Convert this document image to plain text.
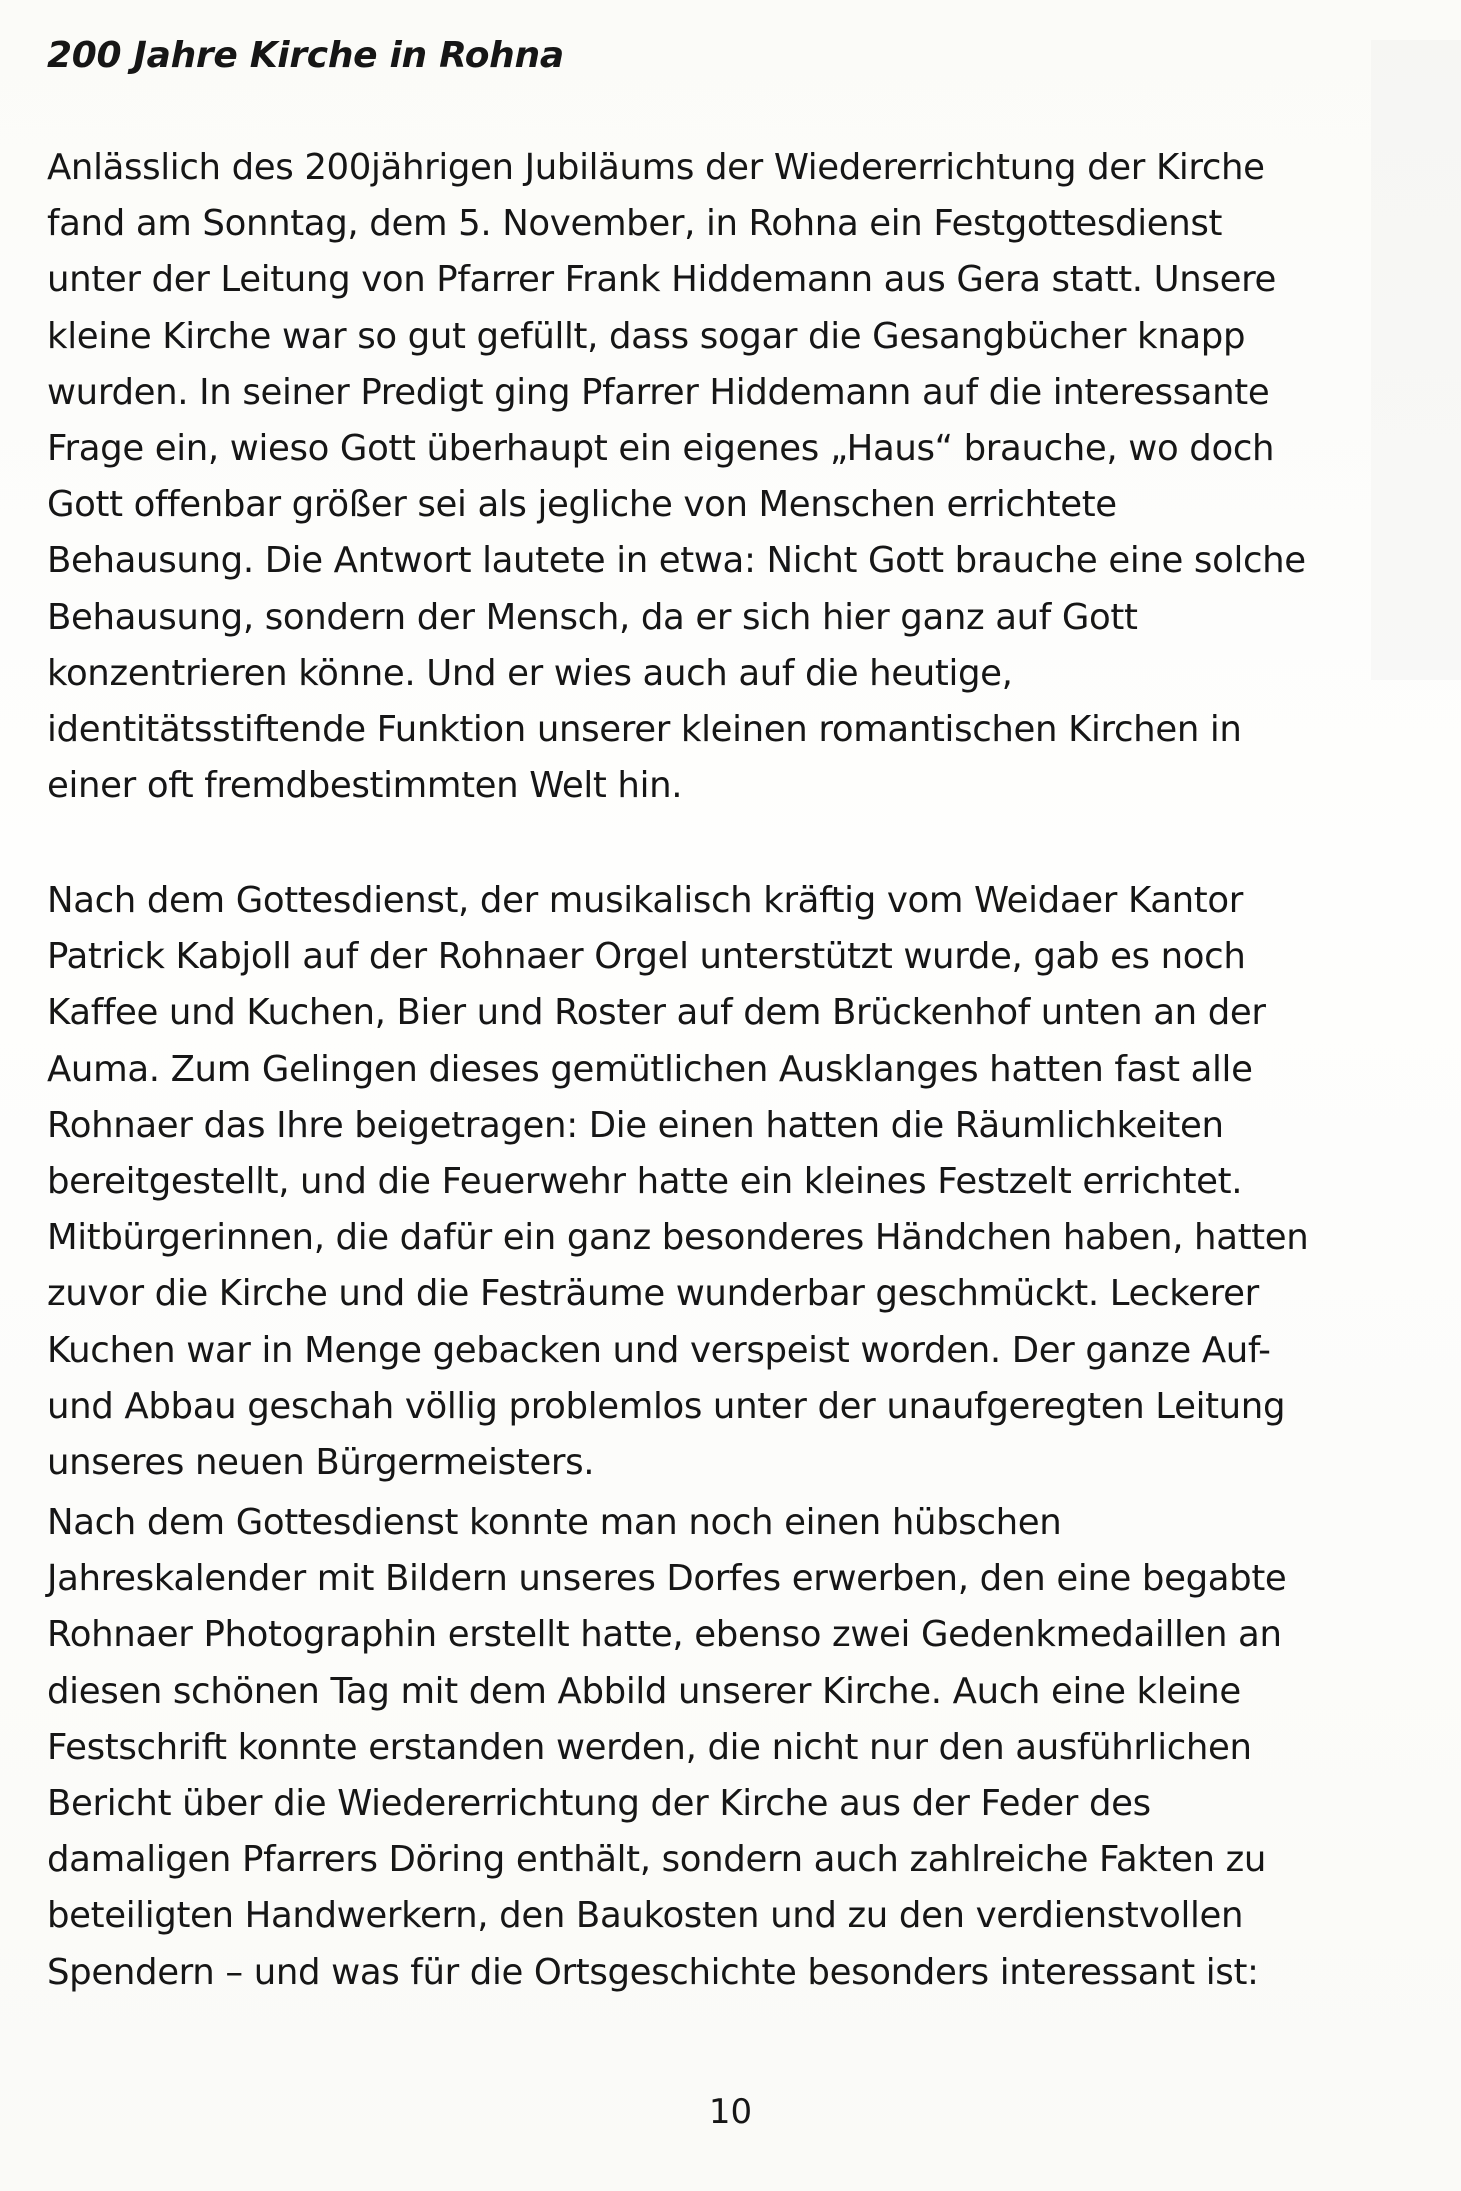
200 Jahre Kirche in Rohna
Anlässlich des 200jährigen Jubiläums der Wiedererrichtung der Kirche
fand am Sonntag, dem 5. November, in Rohna ein Festgottesdienst
unter der Leitung von Pfarrer Frank Hiddemann aus Gera statt. Unsere
kleine Kirche war so gut gefüllt, dass sogar die Gesangbücher knapp
wurden. In seiner Predigt ging Pfarrer Hiddemann auf die interessante
Frage ein, wieso Gott überhaupt ein eigenes „Haus“ brauche, wo doch
Gott offenbar größer sei als jegliche von Menschen errichtete
Behausung. Die Antwort lautete in etwa: Nicht Gott brauche eine solche
Behausung, sondern der Mensch, da er sich hier ganz auf Gott
konzentrieren könne. Und er wies auch auf die heutige,
identitätsstiftende Funktion unserer kleinen romantischen Kirchen in
einer oft fremdbestimmten Welt hin.
Nach dem Gottesdienst, der musikalisch kräftig vom Weidaer Kantor
Patrick Kabjoll auf der Rohnaer Orgel unterstützt wurde, gab es noch
Kaffee und Kuchen, Bier und Roster auf dem Brückenhof unten an der
Auma. Zum Gelingen dieses gemütlichen Ausklanges hatten fast alle
Rohnaer das Ihre beigetragen: Die einen hatten die Räumlichkeiten
bereitgestellt, und die Feuerwehr hatte ein kleines Festzelt errichtet.
Mitbürgerinnen, die dafür ein ganz besonderes Händchen haben, hatten
zuvor die Kirche und die Festräume wunderbar geschmückt. Leckerer
Kuchen war in Menge gebacken und verspeist worden. Der ganze Auf-
und Abbau geschah völlig problemlos unter der unaufgeregten Leitung
unseres neuen Bürgermeisters.
Nach dem Gottesdienst konnte man noch einen hübschen
Jahreskalender mit Bildern unseres Dorfes erwerben, den eine begabte
Rohnaer Photographin erstellt hatte, ebenso zwei Gedenkmedaillen an
diesen schönen Tag mit dem Abbild unserer Kirche. Auch eine kleine
Festschrift konnte erstanden werden, die nicht nur den ausführlichen
Bericht über die Wiedererrichtung der Kirche aus der Feder des
damaligen Pfarrers Döring enthält, sondern auch zahlreiche Fakten zu
beteiligten Handwerkern, den Baukosten und zu den verdienstvollen
Spendern – und was für die Ortsgeschichte besonders interessant ist:
10
